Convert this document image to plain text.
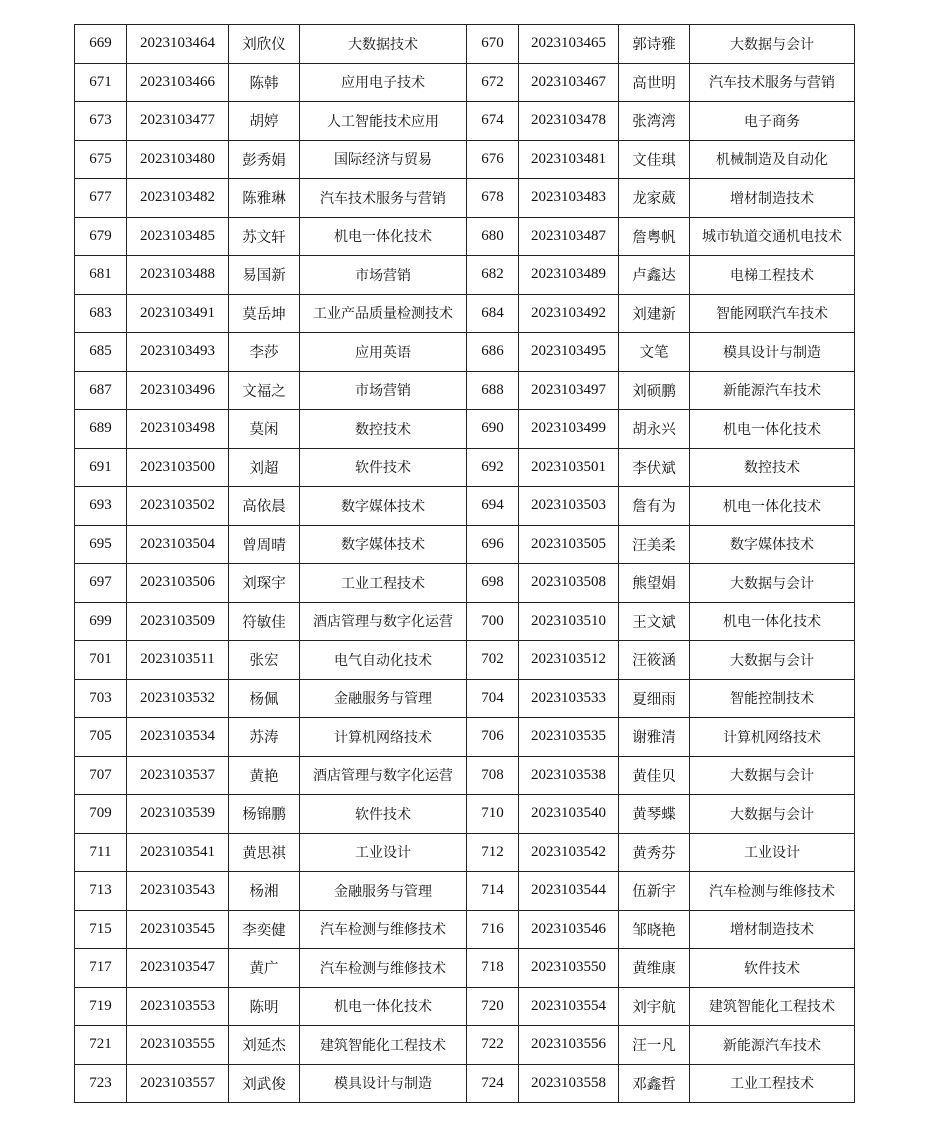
669	2023103464	刘欣仪	大数据技术	670	2023103465	郭诗雅	大数据与会计
671	2023103466	陈韩	应用电子技术	672	2023103467	高世明	汽车技术服务与营销
673	2023103477	胡婷	人工智能技术应用	674	2023103478	张湾湾	电子商务
675	2023103480	彭秀娟	国际经济与贸易	676	2023103481	文佳琪	机械制造及自动化
677	2023103482	陈雅琳	汽车技术服务与营销	678	2023103483	龙家葳	增材制造技术
679	2023103485	苏文轩	机电一体化技术	680	2023103487	詹粤帆	城市轨道交通机电技术
681	2023103488	易国新	市场营销	682	2023103489	卢鑫达	电梯工程技术
683	2023103491	莫岳坤	工业产品质量检测技术	684	2023103492	刘建新	智能网联汽车技术
685	2023103493	李莎	应用英语	686	2023103495	文笔	模具设计与制造
687	2023103496	文福之	市场营销	688	2023103497	刘硕鹏	新能源汽车技术
689	2023103498	莫闲	数控技术	690	2023103499	胡永兴	机电一体化技术
691	2023103500	刘超	软件技术	692	2023103501	李伏斌	数控技术
693	2023103502	高依晨	数字媒体技术	694	2023103503	詹有为	机电一体化技术
695	2023103504	曾周晴	数字媒体技术	696	2023103505	汪美柔	数字媒体技术
697	2023103506	刘琛宇	工业工程技术	698	2023103508	熊望娟	大数据与会计
699	2023103509	符敏佳	酒店管理与数字化运营	700	2023103510	王文斌	机电一体化技术
701	2023103511	张宏	电气自动化技术	702	2023103512	汪筱涵	大数据与会计
703	2023103532	杨佩	金融服务与管理	704	2023103533	夏细雨	智能控制技术
705	2023103534	苏涛	计算机网络技术	706	2023103535	谢雅清	计算机网络技术
707	2023103537	黄艳	酒店管理与数字化运营	708	2023103538	黄佳贝	大数据与会计
709	2023103539	杨锦鹏	软件技术	710	2023103540	黄琴蝶	大数据与会计
711	2023103541	黄思祺	工业设计	712	2023103542	黄秀芬	工业设计
713	2023103543	杨湘	金融服务与管理	714	2023103544	伍新宇	汽车检测与维修技术
715	2023103545	李奕健	汽车检测与维修技术	716	2023103546	邹晓艳	增材制造技术
717	2023103547	黄广	汽车检测与维修技术	718	2023103550	黄维康	软件技术
719	2023103553	陈明	机电一体化技术	720	2023103554	刘宇航	建筑智能化工程技术
721	2023103555	刘延杰	建筑智能化工程技术	722	2023103556	汪一凡	新能源汽车技术
723	2023103557	刘武俊	模具设计与制造	724	2023103558	邓鑫哲	工业工程技术
